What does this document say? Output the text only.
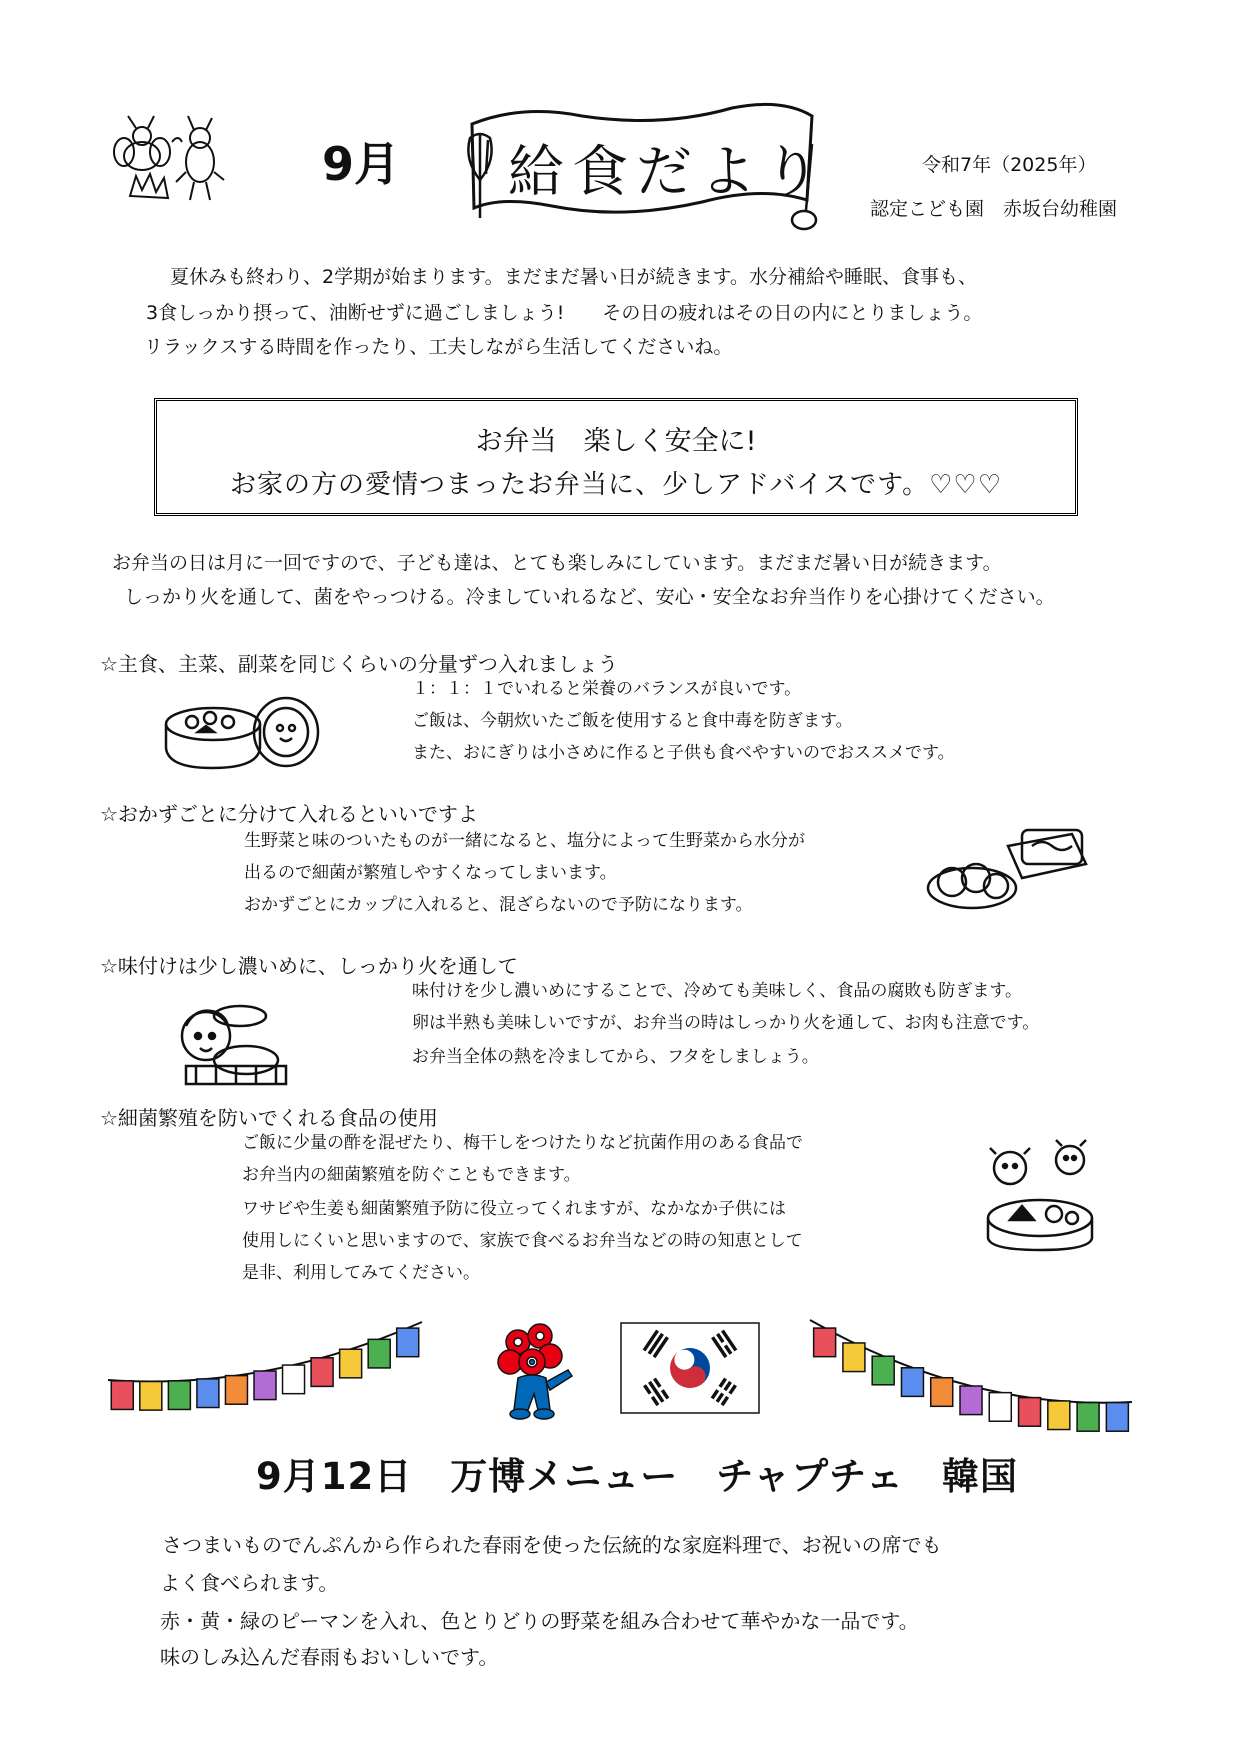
9月 給食だより	令和7年（2025年）
認定こども園　赤坂台幼稚園
夏休みも終わり、2学期が始まります。まだまだ暑い日が続きます。水分補給や睡眠、食事も、
3食しっかり摂って、油断せずに過ごしましょう!　　その日の疲れはその日の内にとりましょう。
リラックスする時間を作ったり、工夫しながら生活してくださいね。
お弁当　楽しく安全に!
お家の方の愛情つまったお弁当に、少しアドバイスです。♡♡♡
お弁当の日は月に一回ですので、子ども達は、とても楽しみにしています。まだまだ暑い日が続きます。
しっかり火を通して、菌をやっつける。冷ましていれるなど、安心・安全なお弁当作りを心掛けてください。
☆主食、主菜、副菜を同じくらいの分量ずつ入れましょう
１：１：１でいれると栄養のバランスが良いです。
ご飯は、今朝炊いたご飯を使用すると食中毒を防ぎます。
また、おにぎりは小さめに作ると子供も食べやすいのでおススメです。
☆おかずごとに分けて入れるといいですよ
生野菜と味のついたものが一緒になると、塩分によって生野菜から水分が
出るので細菌が繁殖しやすくなってしまいます。
おかずごとにカップに入れると、混ざらないので予防になります。
☆味付けは少し濃いめに、しっかり火を通して
味付けを少し濃いめにすることで、冷めても美味しく、食品の腐敗も防ぎます。
卵は半熟も美味しいですが、お弁当の時はしっかり火を通して、お肉も注意です。
お弁当全体の熱を冷ましてから、フタをしましょう。
☆細菌繁殖を防いでくれる食品の使用
ご飯に少量の酢を混ぜたり、梅干しをつけたりなど抗菌作用のある食品で
お弁当内の細菌繁殖を防ぐこともできます。
ワサビや生姜も細菌繁殖予防に役立ってくれますが、なかなか子供には
使用しにくいと思いますので、家族で食べるお弁当などの時の知恵として
是非、利用してみてください。
9月12日　万博メニュー　チャプチェ　韓国
さつまいものでんぷんから作られた春雨を使った伝統的な家庭料理で、お祝いの席でも
よく食べられます。
赤・黄・緑のピーマンを入れ、色とりどりの野菜を組み合わせて華やかな一品です。
味のしみ込んだ春雨もおいしいです。
